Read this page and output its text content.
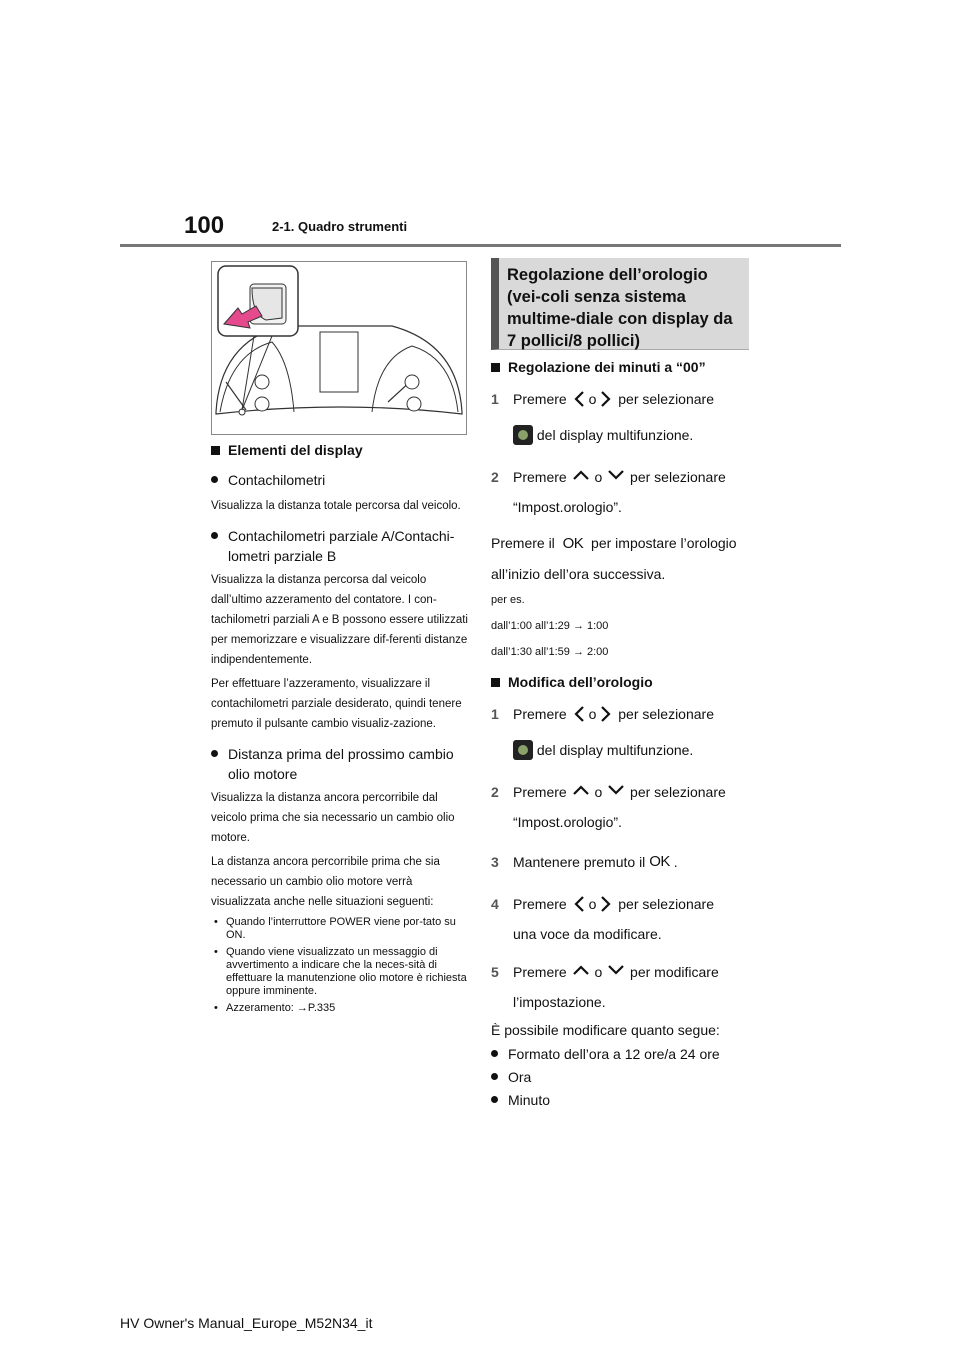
100	2-1. Quadro strumenti
Elementi del display
Contachilometri

Visualizza la distanza totale percorsa dal veicolo.

Contachilometri parziale A/Contachi-lometri parziale B

Visualizza la distanza percorsa dal veicolo dall’ultimo azzeramento del contatore. I con-tachilometri parziali A e B possono essere utilizzati per memorizzare e visualizzare dif-ferenti distanze indipendentemente.

Per effettuare l’azzeramento, visualizzare il contachilometri parziale desiderato, quindi tenere premuto il pulsante cambio visualiz-zazione.

Distanza prima del prossimo cambio olio motore

Visualizza la distanza ancora percorribile dal veicolo prima che sia necessario un cambio olio motore.

La distanza ancora percorribile prima che sia necessario un cambio olio motore verrà visualizzata anche nelle situazioni seguenti:

• Quando l’interruttore POWER viene por-tato su ON.
• Quando viene visualizzato un messaggio di avvertimento a indicare che la neces-sità di effettuare la manutenzione olio motore è richiesta oppure imminente.
• Azzeramento: →P.335
Regolazione dell’orologio (vei-coli senza sistema multime-diale con display da 7 pollici/8 pollici)
Regolazione dei minuti a “00”
1	Premere
o
per selezionare

del display multifunzione.
2	Premere

o

per selezionare
“Impost.orologio”.

Premere il OK per impostare l’orologio

all’inizio dell’ora successiva.

per es.

dall’1:00 all’1:29 → 1:00

dall’1:30 all’1:59 → 2:00

Modifica dell’orologio
1	Premere
o
per selezionare

del display multifunzione.
2	Premere

o

per selezionare
“Impost.orologio”.
3	Mantenere premuto il
OK
.
4	Premere
o
per selezionare
una voce da modificare.
5	Premere

o

per modificare
l’impostazione.

È possibile modificare quanto segue:

Formato dell’ora a 12 ore/a 24 ore
Ora
Minuto
HV Owner's Manual_Europe_M52N34_it
